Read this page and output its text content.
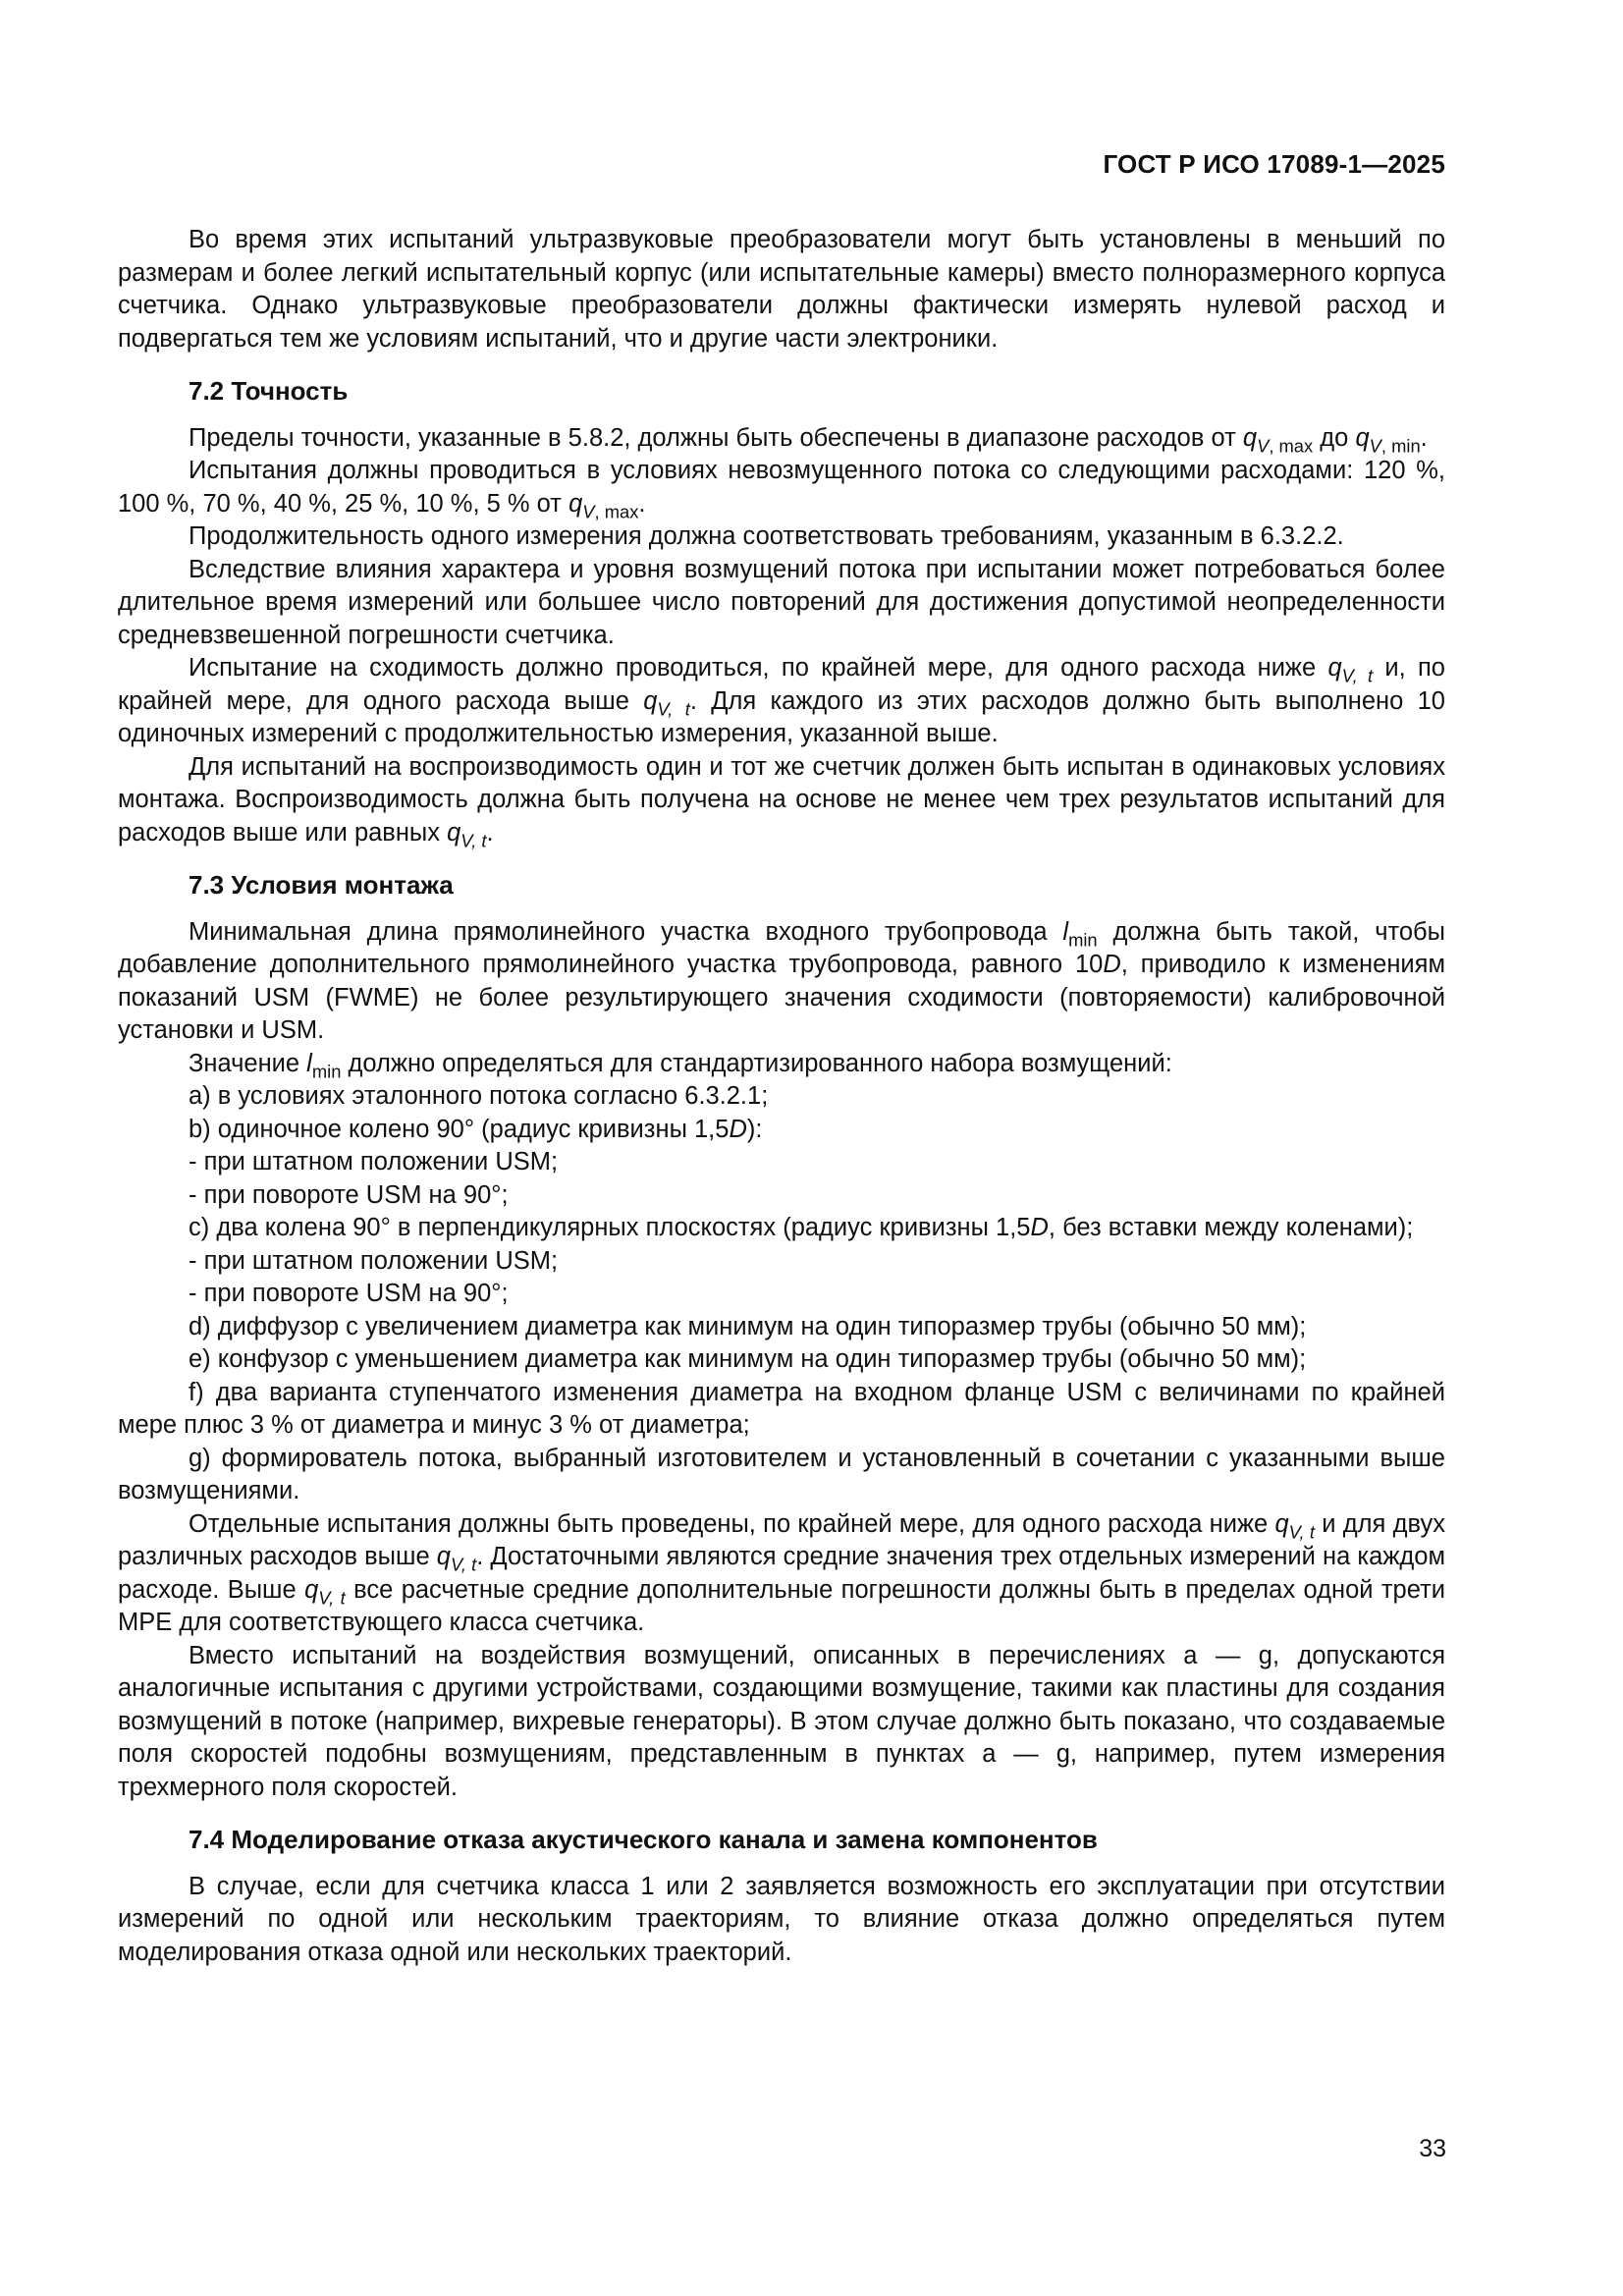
ГОСТ Р ИСО 17089-1—2025

Во время этих испытаний ультразвуковые преобразователи могут быть установлены в меньший по размерам и более легкий испытательный корпус (или испытательные камеры) вместо полноразмерного корпуса счетчика. Однако ультразвуковые преобразователи должны фактически измерять нулевой расход и подвергаться тем же условиям испытаний, что и другие части электроники.

7.2 Точность

Пределы точности, указанные в 5.8.2, должны быть обеспечены в диапазоне расходов от $q_{V, max}$ до $q_{V, min}$.

Испытания должны проводиться в условиях невозмущенного потока со следующими расходами: 120 %, 100 %, 70 %, 40 %, 25 %, 10 %, 5 % от $q_{V, max}$.

Продолжительность одного измерения должна соответствовать требованиям, указанным в 6.3.2.2.

Вследствие влияния характера и уровня возмущений потока при испытании может потребоваться более длительное время измерений или большее число повторений для достижения допустимой неопределенности средневзвешенной погрешности счетчика.

Испытание на сходимость должно проводиться, по крайней мере, для одного расхода ниже $q_{V, t}$ и, по крайней мере, для одного расхода выше $q_{V, t}$. Для каждого из этих расходов должно быть выполнено 10 одиночных измерений с продолжительностью измерения, указанной выше.

Для испытаний на воспроизводимость один и тот же счетчик должен быть испытан в одинаковых условиях монтажа. Воспроизводимость должна быть получена на основе не менее чем трех результатов испытаний для расходов выше или равных $q_{V, t}$.

7.3 Условия монтажа

Минимальная длина прямолинейного участка входного трубопровода $l_{min}$ должна быть такой, чтобы добавление дополнительного прямолинейного участка трубопровода, равного 10D, приводило к изменениям показаний USM (FWME) не более результирующего значения сходимости (повторяемости) калибровочной установки и USM.

Значение $l_{min}$ должно определяться для стандартизированного набора возмущений:

a) в условиях эталонного потока согласно 6.3.2.1;

b) одиночное колено 90° (радиус кривизны 1,5D):

- при штатном положении USM;

- при повороте USM на 90°;

с) два колена 90° в перпендикулярных плоскостях (радиус кривизны 1,5D, без вставки между коленами);

- при штатном положении USM;

- при повороте USM на 90°;

d) диффузор с увеличением диаметра как минимум на один типоразмер трубы (обычно 50 мм);

e) конфузор с уменьшением диаметра как минимум на один типоразмер трубы (обычно 50 мм);

f) два варианта ступенчатого изменения диаметра на входном фланце USM с величинами по крайней мере плюс 3 % от диаметра и минус 3 % от диаметра;

g) формирователь потока, выбранный изготовителем и установленный в сочетании с указанными выше возмущениями.

Отдельные испытания должны быть проведены, по крайней мере, для одного расхода ниже $q_{V, t}$ и для двух различных расходов выше $q_{V, t}$. Достаточными являются средние значения трех отдельных измерений на каждом расходе. Выше $q_{V, t}$ все расчетные средние дополнительные погрешности должны быть в пределах одной трети MPE для соответствующего класса счетчика.

Вместо испытаний на воздействия возмущений, описанных в перечислениях а — g, допускаются аналогичные испытания с другими устройствами, создающими возмущение, такими как пластины для создания возмущений в потоке (например, вихревые генераторы). В этом случае должно быть показано, что создаваемые поля скоростей подобны возмущениям, представленным в пунктах а — g, например, путем измерения трехмерного поля скоростей.

7.4 Моделирование отказа акустического канала и замена компонентов

В случае, если для счетчика класса 1 или 2 заявляется возможность его эксплуатации при отсутствии измерений по одной или нескольким траекториям, то влияние отказа должно определяться путем моделирования отказа одной или нескольких траекторий.

33
